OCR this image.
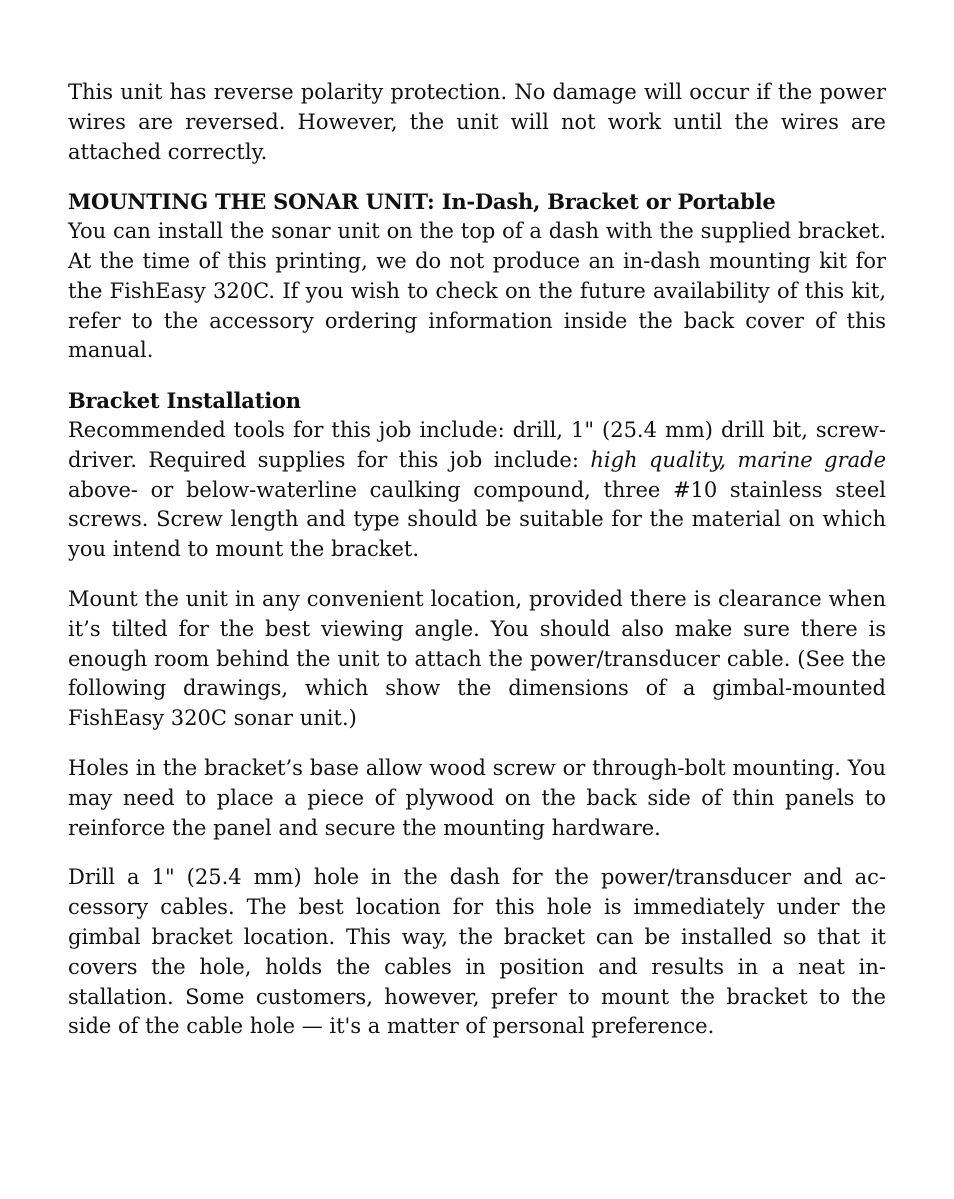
This unit has reverse polarity protection. No damage will occur if the power wires are reversed. However, the unit will not work until the wires are attached correctly.

MOUNTING THE SONAR UNIT: In-Dash, Bracket or Portable

You can install the sonar unit on the top of a dash with the supplied bracket. At the time of this printing, we do not produce an in-dash mounting kit for the FishEasy 320C. If you wish to check on the future availability of this kit, refer to the accessory ordering information inside the back cover of this manual.

Bracket Installation

Recommended tools for this job include: drill, 1" (25.4 mm) drill bit, screwdriver. Required supplies for this job include: high quality, marine grade above- or below-waterline caulking compound, three #10 stainless steel screws. Screw length and type should be suitable for the material on which you intend to mount the bracket.

Mount the unit in any convenient location, provided there is clearance when it’s tilted for the best viewing angle. You should also make sure there is enough room behind the unit to attach the power/transducer cable. (See the following drawings, which show the dimensions of a gimbal-mounted FishEasy 320C sonar unit.)

Holes in the bracket’s base allow wood screw or through-bolt mounting. You may need to place a piece of plywood on the back side of thin panels to reinforce the panel and secure the mounting hardware.

Drill a 1" (25.4 mm) hole in the dash for the power/transducer and accessory cables. The best location for this hole is immediately under the gimbal bracket location. This way, the bracket can be installed so that it covers the hole, holds the cables in position and results in a neat installation. Some customers, however, prefer to mount the bracket to the side of the cable hole — it's a matter of personal preference.
